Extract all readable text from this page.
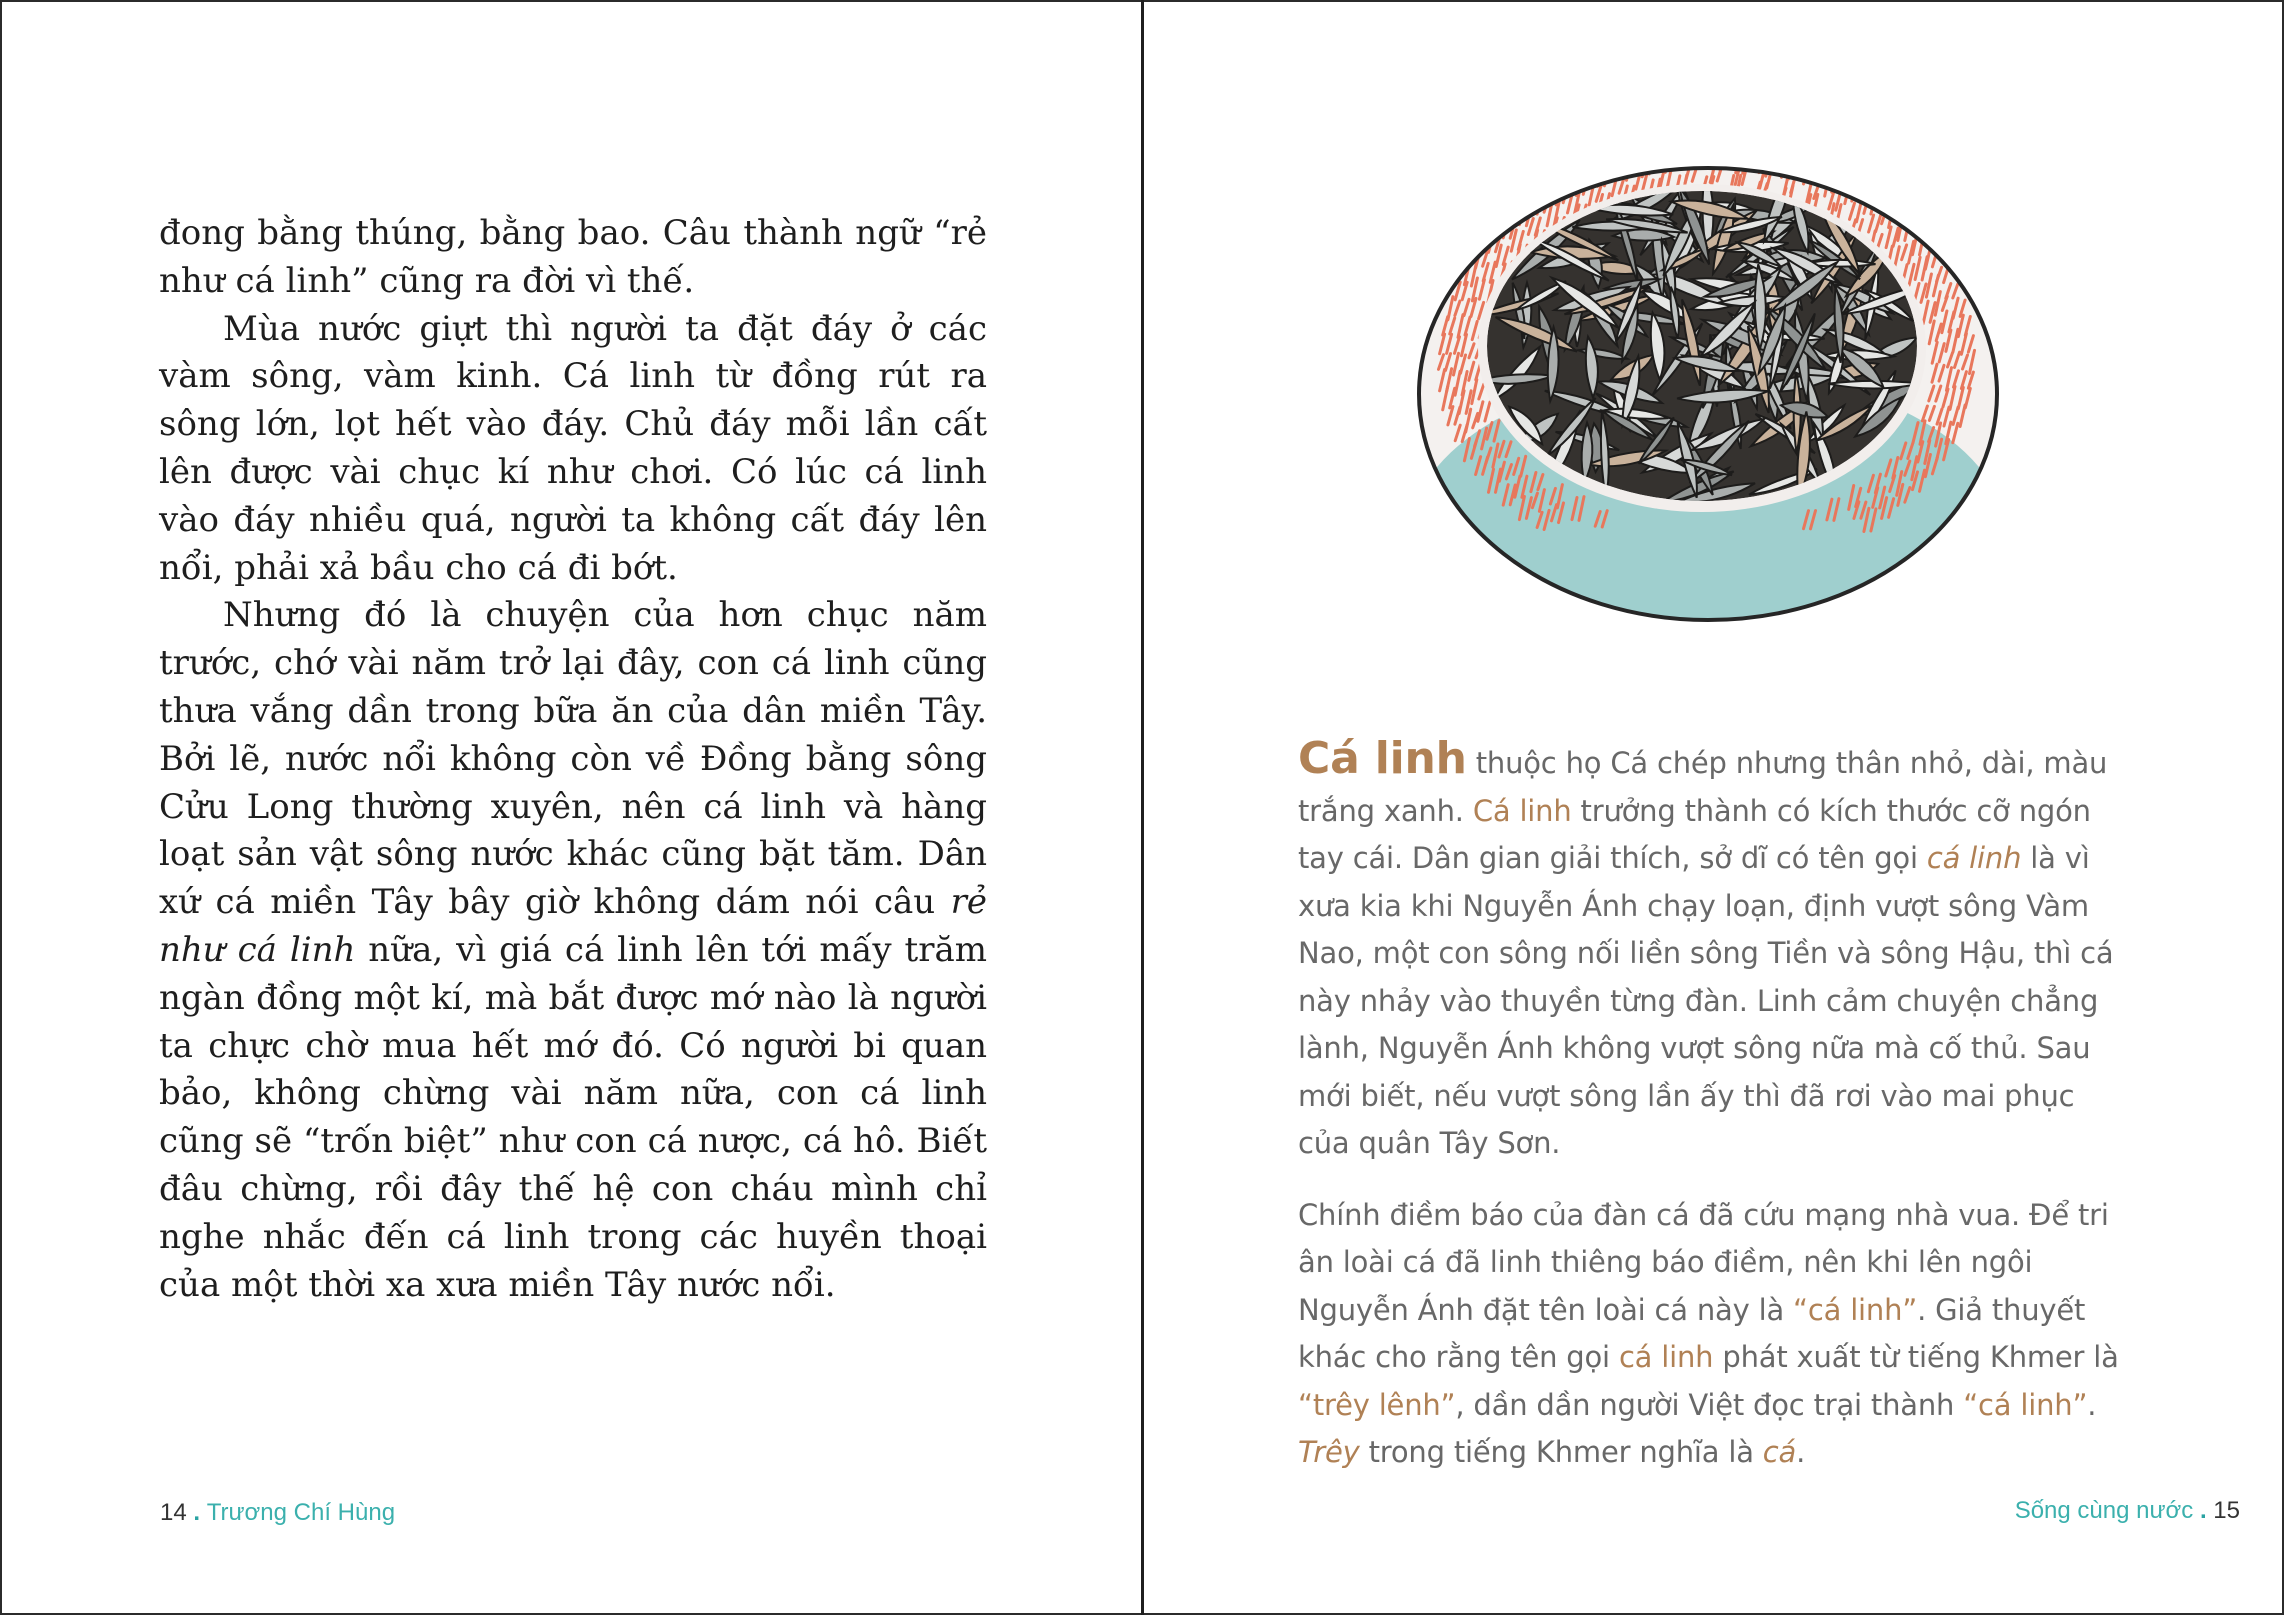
đong bằng thúng, bằng bao. Câu thành ngữ “rẻ như cá linh” cũng ra đời vì thế.

Mùa nước giựt thì người ta đặt đáy ở các vàm sông, vàm kinh. Cá linh từ đồng rút ra sông lớn, lọt hết vào đáy. Chủ đáy mỗi lần cất lên được vài chục kí như chơi. Có lúc cá linh vào đáy nhiều quá, người ta không cất đáy lên nổi, phải xả bầu cho cá đi bớt.

Nhưng đó là chuyện của hơn chục năm trước, chớ vài năm trở lại đây, con cá linh cũng thưa vắng dần trong bữa ăn của dân miền Tây. Bởi lẽ, nước nổi không còn về Đồng bằng sông Cửu Long thường xuyên, nên cá linh và hàng loạt sản vật sông nước khác cũng bặt tăm. Dân xứ cá miền Tây bây giờ không dám nói câu rẻ như cá linh nữa, vì giá cá linh lên tới mấy trăm ngàn đồng một kí, mà bắt được mớ nào là người ta chực chờ mua hết mớ đó. Có người bi quan bảo, không chừng vài năm nữa, con cá linh cũng sẽ “trốn biệt” như con cá nược, cá hô. Biết đâu chừng, rồi đây thế hệ con cháu mình chỉ nghe nhắc đến cá linh trong các huyền thoại của một thời xa xưa miền Tây nước nổi.

14 . Trương Chí Hùng

Cá linh thuộc họ Cá chép nhưng thân nhỏ, dài, màu trắng xanh. Cá linh trưởng thành có kích thước cỡ ngón tay cái. Dân gian giải thích, sở dĩ có tên gọi cá linh là vì xưa kia khi Nguyễn Ánh chạy loạn, định vượt sông Vàm Nao, một con sông nối liền sông Tiền và sông Hậu, thì cá này nhảy vào thuyền từng đàn. Linh cảm chuyện chẳng lành, Nguyễn Ánh không vượt sông nữa mà cố thủ. Sau mới biết, nếu vượt sông lần ấy thì đã rơi vào mai phục của quân Tây Sơn.

Chính điềm báo của đàn cá đã cứu mạng nhà vua. Để tri ân loài cá đã linh thiêng báo điềm, nên khi lên ngôi Nguyễn Ánh đặt tên loài cá này là “cá linh”. Giả thuyết khác cho rằng tên gọi cá linh phát xuất từ tiếng Khmer là “trêy lênh”, dần dần người Việt đọc trại thành “cá linh”. Trêy trong tiếng Khmer nghĩa là cá.

Sống cùng nước . 15
